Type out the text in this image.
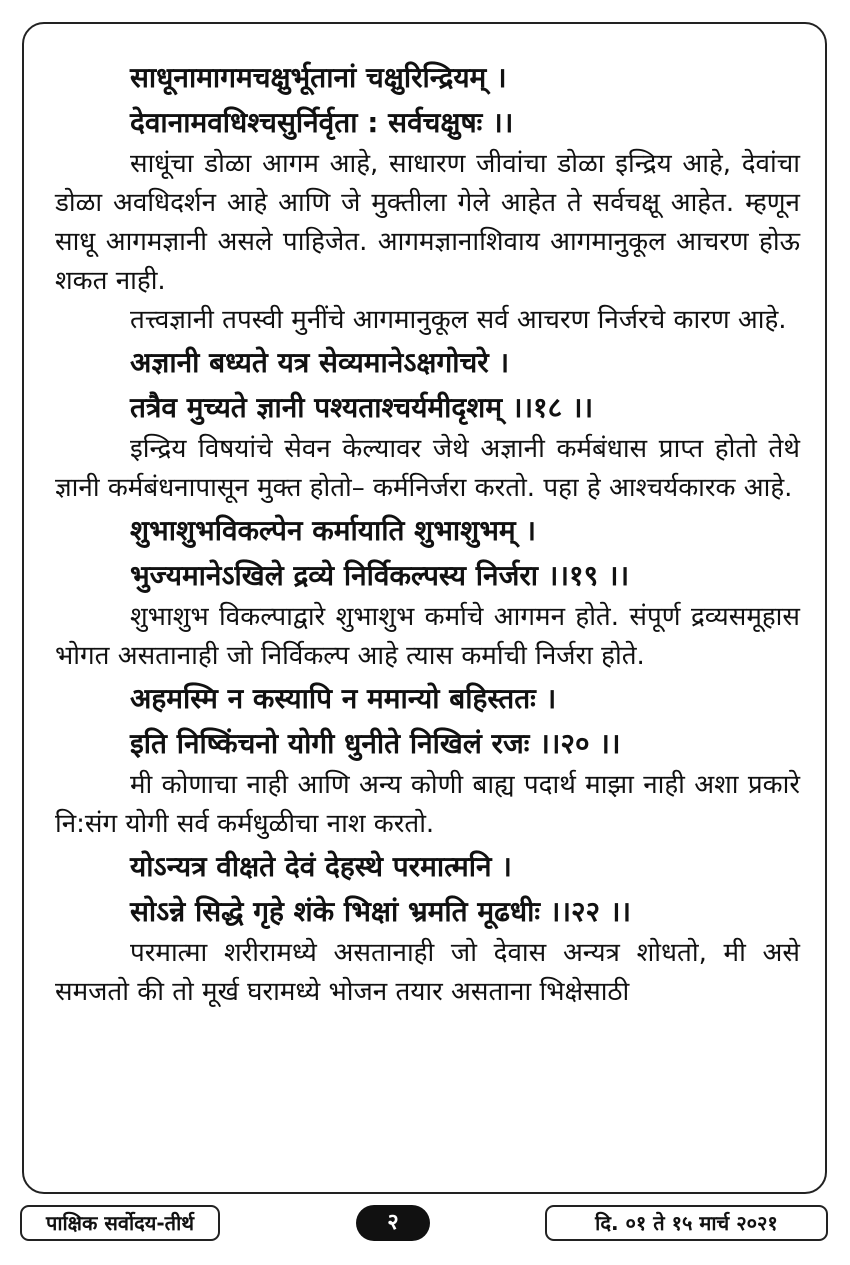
साधूनामागमचक्षुर्भूतानां चक्षुरिन्द्रियम् ।
देवानामवधिश्चसुर्निर्वृता : सर्वचक्षुषः ।।

साधूंचा डोळा आगम आहे, साधारण जीवांचा डोळा इन्द्रिय आहे, देवांचा डोळा अवधिदर्शन आहे आणि जे मुक्तीला गेले आहेत ते सर्वचक्षू आहेत. म्हणून साधू आगमज्ञानी असले पाहिजेत. आगमज्ञानाशिवाय आगमानुकूल आचरण होऊ शकत नाही.

तत्त्वज्ञानी तपस्वी मुनींचे आगमानुकूल सर्व आचरण निर्जरचे कारण आहे.

अज्ञानी बध्यते यत्र सेव्यमानेऽक्षगोचरे ।
तत्रैव मुच्यते ज्ञानी पश्यताश्चर्यमीदृशम् ।।१८ ।।

इन्द्रिय विषयांचे सेवन केल्यावर जेथे अज्ञानी कर्मबंधास प्राप्त होतो तेथे ज्ञानी कर्मबंधनापासून मुक्त होतो– कर्मनिर्जरा करतो. पहा हे आश्चर्यकारक आहे.

शुभाशुभविकल्पेन कर्मायाति शुभाशुभम् ।
भुज्यमानेऽखिले द्रव्ये निर्विकल्पस्य निर्जरा ।।१९ ।।

शुभाशुभ विकल्पाद्वारे शुभाशुभ कर्माचे आगमन होते. संपूर्ण द्रव्यसमूहास भोगत असतानाही जो निर्विकल्प आहे त्यास कर्माची निर्जरा होते.

अहमस्मि न कस्यापि न ममान्यो बहिस्ततः ।
इति निष्किंचनो योगी धुनीते निखिलं रजः ।।२० ।।

मी कोणाचा नाही आणि अन्य कोणी बाह्य पदार्थ माझा नाही अशा प्रकारे नि:संग योगी सर्व कर्मधुळीचा नाश करतो.

योऽन्यत्र वीक्षते देवं देहस्थे परमात्मनि ।
सोऽन्ने सिद्धे गृहे शंके भिक्षां भ्रमति मूढधीः ।।२२ ।।

परमात्मा शरीरामध्ये असतानाही जो देवास अन्यत्र शोधतो, मी असे समजतो की तो मूर्ख घरामध्ये भोजन तयार असताना भिक्षेसाठी

पाक्षिक सर्वोदय-तीर्थ	२	दि. ०१ ते १५ मार्च २०२१
